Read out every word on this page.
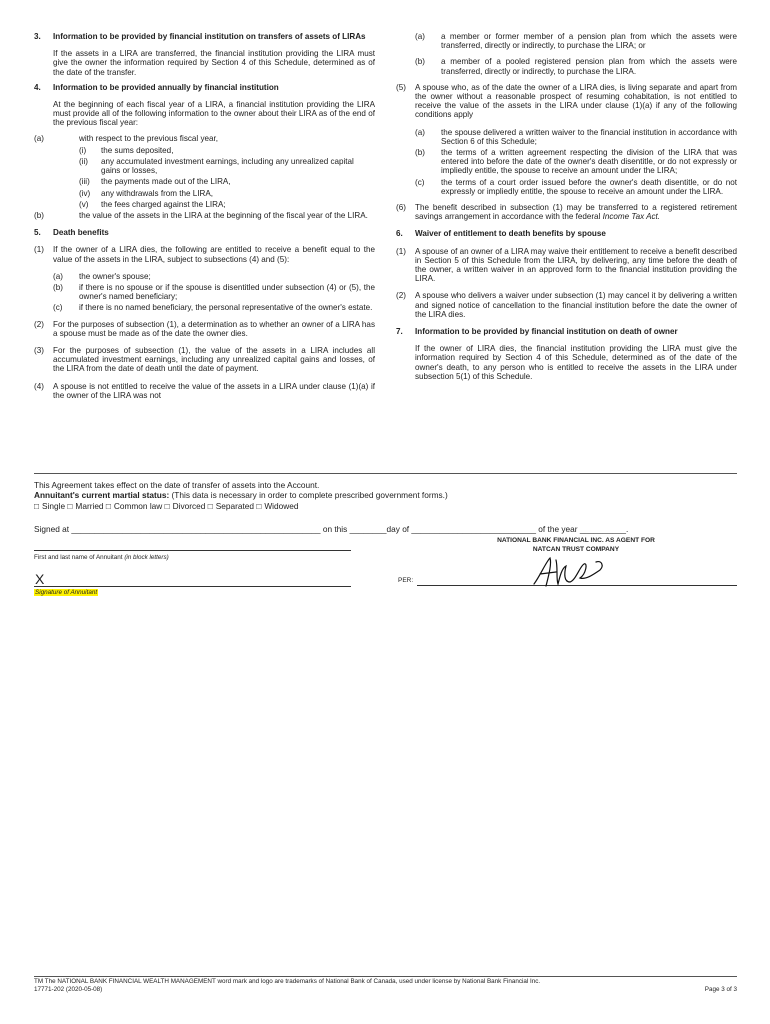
3.	Information to be provided by financial institution on transfers of assets of LIRAs
If the assets in a LIRA are transferred, the financial institution providing the LIRA must give the owner the information required by Section 4 of this Schedule, determined as of the date of the transfer.
4.	Information to be provided annually by financial institution
At the beginning of each fiscal year of a LIRA, a financial institution providing the LIRA must provide all of the following information to the owner about their LIRA as of the end of the previous fiscal year:
(a)	with respect to the previous fiscal year,
(i)	the sums deposited,
(ii)	any accumulated investment earnings, including any unrealized capital gains or losses,
(iii)	the payments made out of the LIRA,
(iv)	any withdrawals from the LIRA,
(v)	the fees charged against the LIRA;
(b)	the value of the assets in the LIRA at the beginning of the fiscal year of the LIRA.
5.	Death benefits
(1)	If the owner of a LIRA dies, the following are entitled to receive a benefit equal to the value of the assets in the LIRA, subject to subsections (4) and (5):
(a)	the owner's spouse;
(b)	if there is no spouse or if the spouse is disentitled under subsection (4) or (5), the owner's named beneficiary;
(c)	if there is no named beneficiary, the personal representative of the owner's estate.
(2)	For the purposes of subsection (1), a determination as to whether an owner of a LIRA has a spouse must be made as of the date the owner dies.
(3)	For the purposes of subsection (1), the value of the assets in a LIRA includes all accumulated investment earnings, including any unrealized capital gains and losses, of the LIRA from the date of death until the date of payment.
(4)	A spouse is not entitled to receive the value of the assets in a LIRA under clause (1)(a) if the owner of the LIRA was not
(a)	a member or former member of a pension plan from which the assets were transferred, directly or indirectly, to purchase the LIRA; or
(b)	a member of a pooled registered pension plan from which the assets were transferred, directly or indirectly, to purchase the LIRA.
(5)	A spouse who, as of the date the owner of a LIRA dies, is living separate and apart from the owner without a reasonable prospect of resuming cohabitation, is not entitled to receive the value of the assets in the LIRA under clause (1)(a) if any of the following conditions apply
(a)	the spouse delivered a written waiver to the financial institution in accordance with Section 6 of this Schedule;
(b)	the terms of a written agreement respecting the division of the LIRA that was entered into before the date of the owner's death disentitle, or do not expressly or impliedly entitle, the spouse to receive an amount under the LIRA;
(c)	the terms of a court order issued before the owner's death disentitle, or do not expressly or impliedly entitle, the spouse to receive an amount under the LIRA.
(6)	The benefit described in subsection (1) may be transferred to a registered retirement savings arrangement in accordance with the federal Income Tax Act.
6.	Waiver of entitlement to death benefits by spouse
(1)	A spouse of an owner of a LIRA may waive their entitlement to receive a benefit described in Section 5 of this Schedule from the LIRA, by delivering, any time before the death of the owner, a written waiver in an approved form to the financial institution providing the LIRA.
(2)	A spouse who delivers a waiver under subsection (1) may cancel it by delivering a written and signed notice of cancellation to the financial institution before the date the owner of the LIRA dies.
7.	Information to be provided by financial institution on death of owner
If the owner of LIRA dies, the financial institution providing the LIRA must give the information required by Section 4 of this Schedule, determined as of the date of the owner's death, to any person who is entitled to receive the assets in the LIRA under subsection 5(1) of this Schedule.
This Agreement takes effect on the date of transfer of assets into the Account.
Annuitant's current martial status: (This data is necessary in order to complete prescribed government forms.)
□ Single □ Married □ Common law □ Divorced □ Separated □ Widowed
Signed at ______________________________________________________ on this ________day of ___________________________ of the year __________.
NATIONAL BANK FINANCIAL INC. AS AGENT FOR
NATCAN TRUST COMPANY
First and last name of Annuitant (in block letters)
X
Signature of Annuitant
PER:
TM The NATIONAL BANK FINANCIAL WEALTH MANAGEMENT word mark and logo are trademarks of National Bank of Canada, used under license by National Bank Financial Inc.
17771-202 (2020-05-08)	Page 3 of 3
